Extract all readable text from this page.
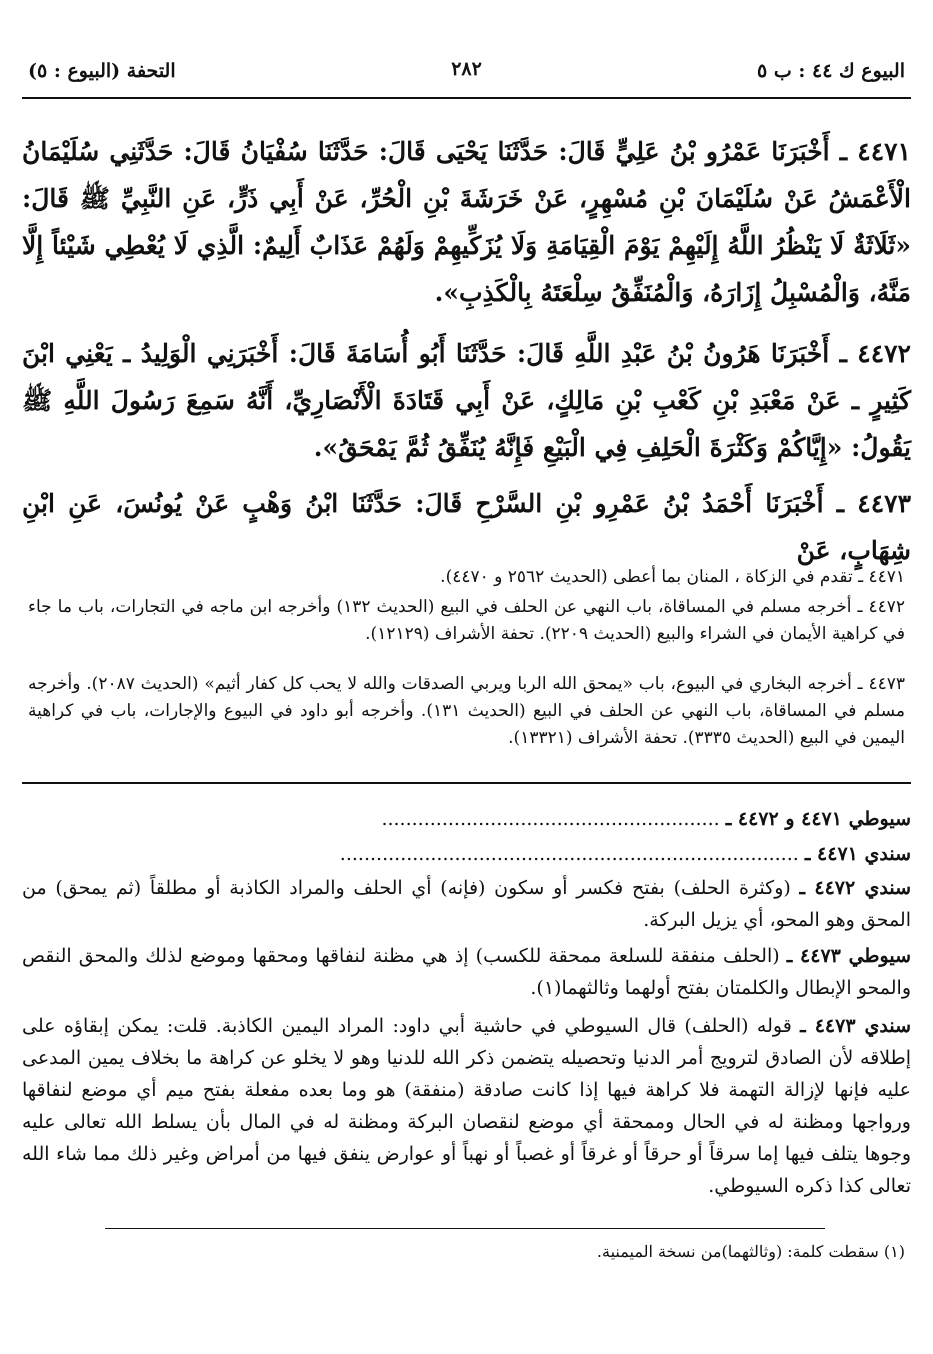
البيوع ك ٤٤ : ب ٥
٢٨٢
التحفة (البيوع : ٥)
٤٤٧١ ـ أَخْبَرَنَا عَمْرُو بْنُ عَلِيٍّ قَالَ: حَدَّثَنَا يَحْيَى قَالَ: حَدَّثَنَا سُفْيَانُ قَالَ: حَدَّثَنِي سُلَيْمَانُ الْأَعْمَشُ عَنْ سُلَيْمَانَ بْنِ مُسْهِرٍ، عَنْ خَرَشَةَ بْنِ الْحُرِّ، عَنْ أَبِي ذَرٍّ، عَنِ النَّبِيِّ ﷺ قَالَ: «ثَلَاثَةٌ لَا يَنْظُرُ اللَّهُ إِلَيْهِمْ يَوْمَ الْقِيَامَةِ وَلَا يُزَكِّيهِمْ وَلَهُمْ عَذَابٌ أَلِيمٌ: الَّذِي لَا يُعْطِي شَيْئاً إِلَّا مَنَّهُ، وَالْمُسْبِلُ إِزَارَهُ، وَالْمُنَفِّقُ سِلْعَتَهُ بِالْكَذِبِ».
٤٤٧٢ ـ أَخْبَرَنَا هَرُونُ بْنُ عَبْدِ اللَّهِ قَالَ: حَدَّثَنَا أَبُو أُسَامَةَ قَالَ: أَخْبَرَنِي الْوَلِيدُ ـ يَعْنِي ابْنَ كَثِيرٍ ـ عَنْ مَعْبَدِ بْنِ كَعْبِ بْنِ مَالِكٍ، عَنْ أَبِي قَتَادَةَ الْأَنْصَارِيِّ، أَنَّهُ سَمِعَ رَسُولَ اللَّهِ ﷺ يَقُولُ: «إِيَّاكُمْ وَكَثْرَةَ الْحَلِفِ فِي الْبَيْعِ فَإِنَّهُ يُنَفِّقُ ثُمَّ يَمْحَقُ».
٤٤٧٣ ـ أَخْبَرَنَا أَحْمَدُ بْنُ عَمْرِو بْنِ السَّرْحِ قَالَ: حَدَّثَنَا ابْنُ وَهْبٍ عَنْ يُونُسَ، عَنِ ابْنِ شِهَابٍ، عَنْ
٤٤٧١ ـ تقدم في الزكاة ، المنان بما أعطى (الحديث ٢٥٦٢ و ٤٤٧٠).
٤٤٧٢ ـ أخرجه مسلم في المساقاة، باب النهي عن الحلف في البيع (الحديث ١٣٢) وأخرجه ابن ماجه في التجارات، باب ما جاء في كراهية الأيمان في الشراء والبيع (الحديث ٢٢٠٩). تحفة الأشراف (١٢١٢٩).
٤٤٧٣ ـ أخرجه البخاري في البيوع، باب «يمحق الله الربا ويربي الصدقات والله لا يحب كل كفار أثيم» (الحديث ٢٠٨٧). وأخرجه مسلم في المساقاة، باب النهي عن الحلف في البيع (الحديث ١٣١). وأخرجه أبو داود في البيوع والإجارات، باب في كراهية اليمين في البيع (الحديث ٣٣٣٥). تحفة الأشراف (١٣٣٢١).
سيوطي ٤٤٧١ و ٤٤٧٢ ـ ........................................................
سندي ٤٤٧١ ـ ............................................................................
سندي ٤٤٧٢ ـ (وكثرة الحلف) بفتح فكسر أو سكون (فإنه) أي الحلف والمراد الكاذبة أو مطلقاً (ثم يمحق) من المحق وهو المحو، أي يزيل البركة.
سيوطي ٤٤٧٣ ـ (الحلف منفقة للسلعة ممحقة للكسب) إذ هي مظنة لنفاقها ومحقها وموضع لذلك والمحق النقص والمحو الإبطال والكلمتان بفتح أولهما وثالثهما(١).
سندي ٤٤٧٣ ـ قوله (الحلف) قال السيوطي في حاشية أبي داود: المراد اليمين الكاذبة. قلت: يمكن إبقاؤه على إطلاقه لأن الصادق لترويج أمر الدنيا وتحصيله يتضمن ذكر الله للدنيا وهو لا يخلو عن كراهة ما بخلاف يمين المدعى عليه فإنها لإزالة التهمة فلا كراهة فيها إذا كانت صادقة (منفقة) هو وما بعده مفعلة بفتح ميم أي موضع لنفاقها ورواجها ومظنة له في الحال وممحقة أي موضع لنقصان البركة ومظنة له في المال بأن يسلط الله تعالى عليه وجوها يتلف فيها إما سرقاً أو حرقاً أو غرقاً أو غصباً أو نهباً أو عوارض ينفق فيها من أمراض وغير ذلك مما شاء الله تعالى كذا ذكره السيوطي.
(١) سقطت كلمة: (وثالثهما)من نسخة الميمنية.
